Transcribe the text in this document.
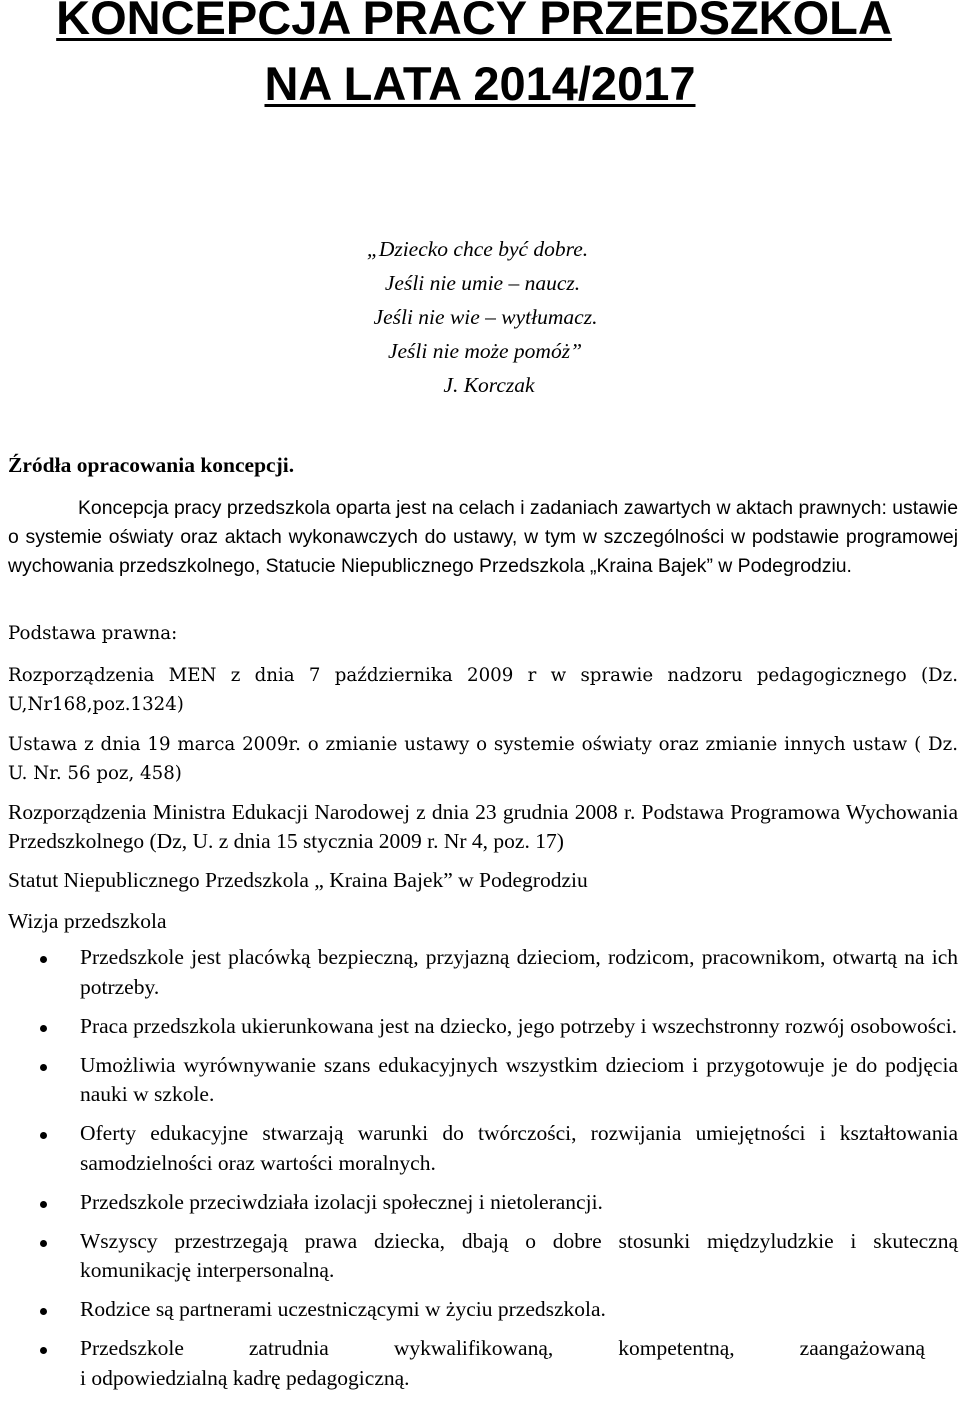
KONCEPCJA PRACY PRZEDSZKOLA
NA LATA 2014/2017
„Dziecko chce być dobre.
Jeśli nie umie – naucz.
Jeśli nie wie – wytłumacz.
Jeśli nie może pomóż”
J. Korczak
Źródła opracowania koncepcji.

Koncepcja pracy przedszkola oparta jest na celach i zadaniach zawartych w aktach prawnych: ustawie o systemie oświaty oraz aktach wykonawczych do ustawy, w tym w szczególności w podstawie programowej wychowania przedszkolnego, Statucie Niepublicznego Przedszkola „Kraina Bajek” w Podegrodziu.

Podstawa prawna:

Rozporządzenia MEN z dnia 7 października 2009 r w sprawie nadzoru pedagogicznego (Dz. U,Nr168,poz.1324)

Ustawa z dnia 19 marca 2009r. o zmianie ustawy o systemie oświaty oraz zmianie innych ustaw ( Dz. U. Nr. 56 poz, 458)

Rozporządzenia Ministra Edukacji Narodowej z dnia 23 grudnia 2008 r. Podstawa Programowa Wychowania Przedszkolnego (Dz, U. z dnia 15 stycznia 2009 r. Nr 4, poz. 17)

Statut Niepublicznego Przedszkola „ Kraina Bajek” w Podegrodziu

Wizja przedszkola

Przedszkole jest placówką bezpieczną, przyjazną dzieciom, rodzicom, pracownikom, otwartą na ich potrzeby.
Praca przedszkola ukierunkowana jest na dziecko, jego potrzeby i wszechstronny rozwój osobowości.
Umożliwia wyrównywanie szans edukacyjnych wszystkim dzieciom i przygotowuje je do podjęcia nauki w szkole.
Oferty edukacyjne stwarzają warunki do twórczości, rozwijania umiejętności i kształtowania samodzielności oraz wartości moralnych.
Przedszkole przeciwdziała izolacji społecznej i nietolerancji.
Wszyscy przestrzegają prawa dziecka, dbają o dobre stosunki międzyludzkie i skuteczną komunikację interpersonalną.
Rodzice są partnerami uczestniczącymi w życiu przedszkola.
Przedszkole zatrudnia wykwalifikowaną, kompetentną, zaangażowaną
i odpowiedzialną kadrę pedagogiczną.
